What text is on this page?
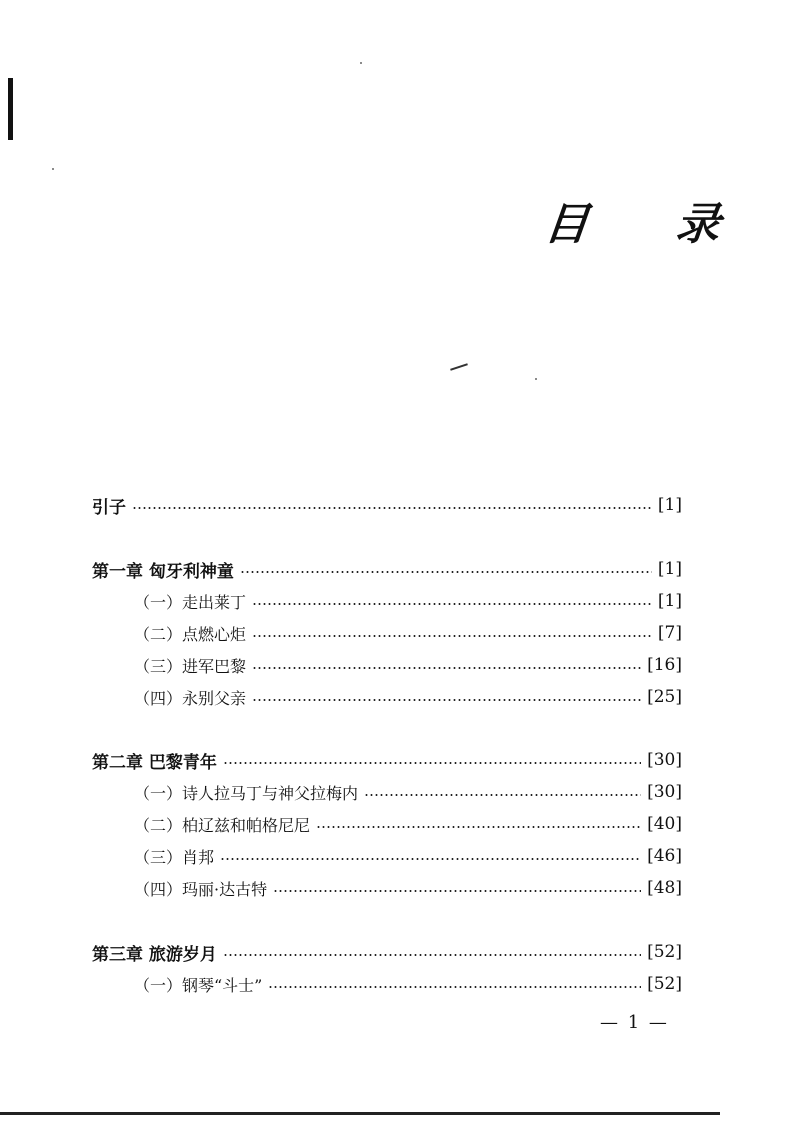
目 录
引子	[1]
第一章 匈牙利神童	[1]
（一）走出莱丁	[1]
（二）点燃心炬	[7]
（三）进军巴黎	[16]
（四）永别父亲	[25]
第二章 巴黎青年	[30]
（一）诗人拉马丁与神父拉梅内	[30]
（二）柏辽兹和帕格尼尼	[40]
（三）肖邦	[46]
（四）玛丽·达古特	[48]
第三章 旅游岁月	[52]
（一）钢琴“斗士”	[52]
— 1 —
